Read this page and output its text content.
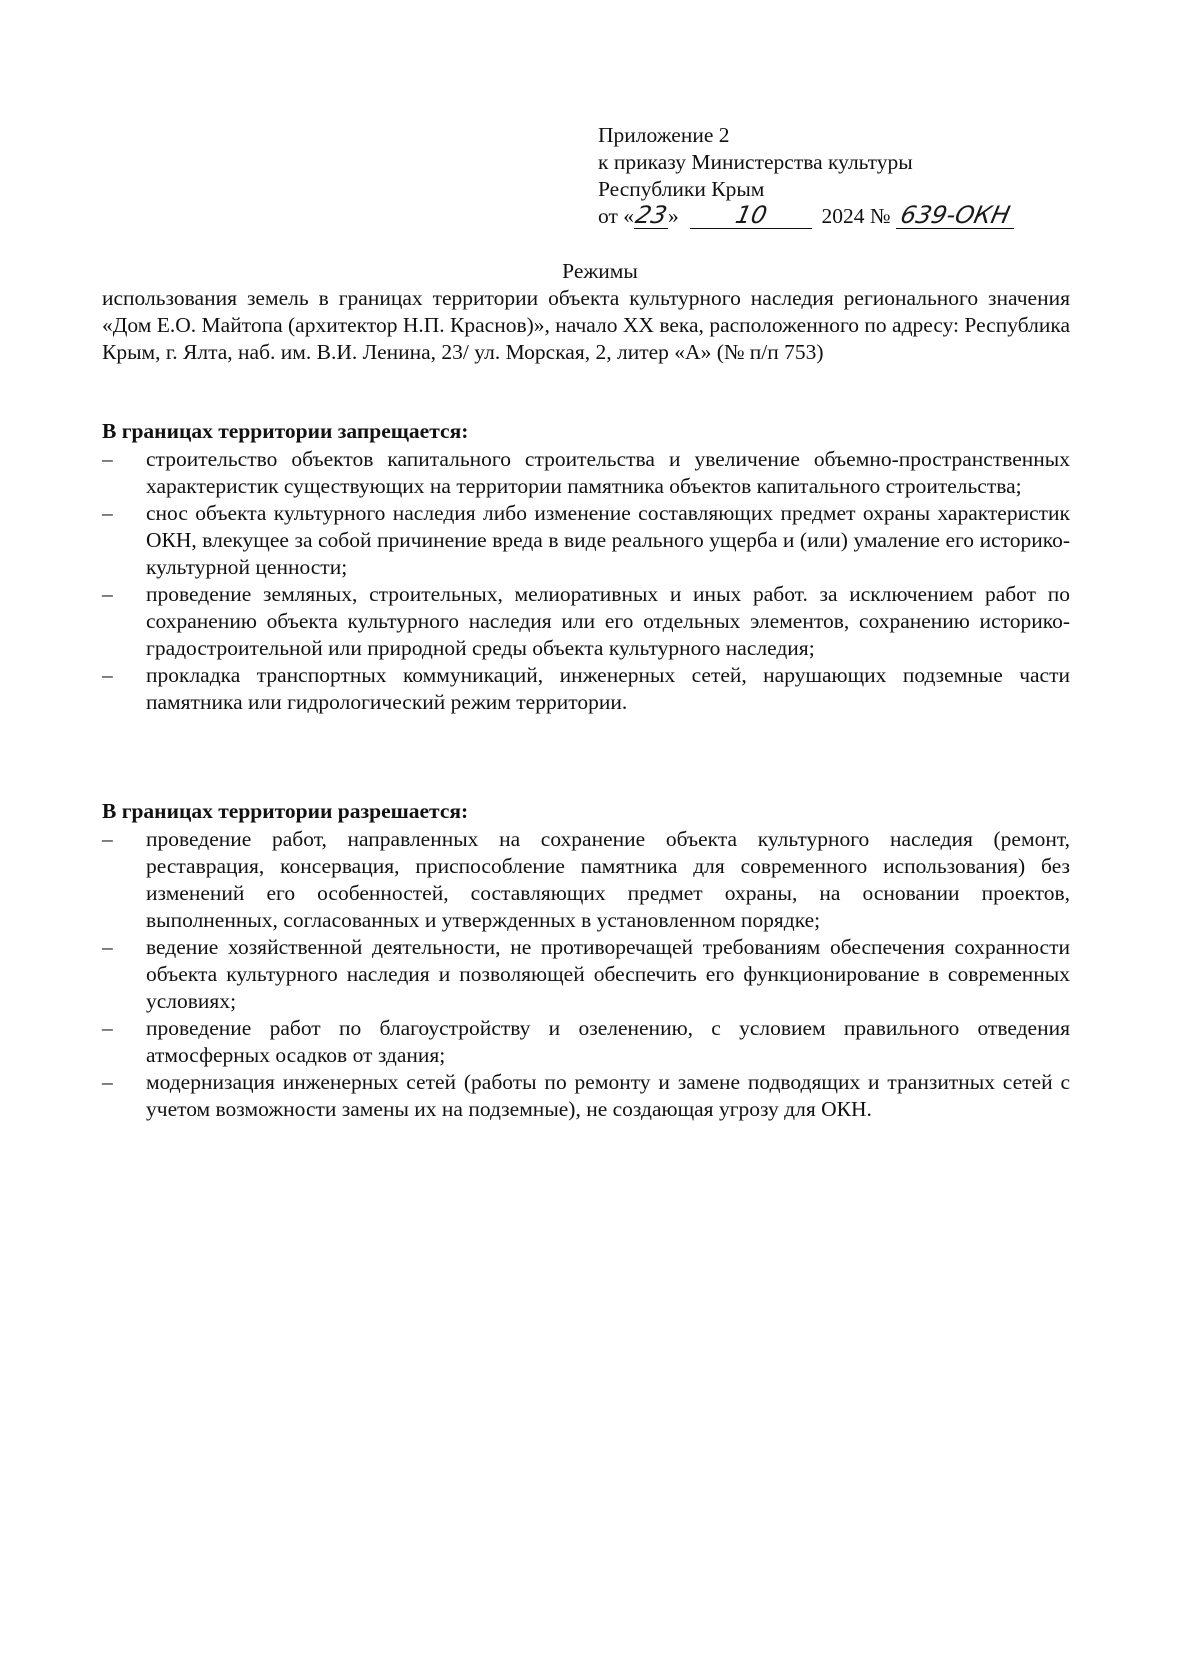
Приложение 2
к приказу Министерства культуры
Республики Крым
от «23» 10 2024 № 639-ОКН
Режимы
использования земель в границах территории объекта культурного наследия регионального значения «Дом Е.О. Майтопа (архитектор Н.П. Краснов)», начало XX века, расположенного по адресу: Республика Крым, г. Ялта, наб. им. В.И. Ленина, 23/ ул. Морская, 2, литер «А» (№ п/п 753)
В границах территории запрещается:
– строительство объектов капитального строительства и увеличение объемно-пространственных характеристик существующих на территории памятника объектов капитального строительства;
– снос объекта культурного наследия либо изменение составляющих предмет охраны характеристик ОКН, влекущее за собой причинение вреда в виде реального ущерба и (или) умаление его историко-культурной ценности;
– проведение земляных, строительных, мелиоративных и иных работ. за исключением работ по сохранению объекта культурного наследия или его отдельных элементов, сохранению историко-градостроительной или природной среды объекта культурного наследия;
– прокладка транспортных коммуникаций, инженерных сетей, нарушающих подземные части памятника или гидрологический режим территории.
В границах территории разрешается:
– проведение работ, направленных на сохранение объекта культурного наследия (ремонт, реставрация, консервация, приспособление памятника для современного использования) без изменений его особенностей, составляющих предмет охраны, на основании проектов, выполненных, согласованных и утвержденных в установленном порядке;
– ведение хозяйственной деятельности, не противоречащей требованиям обеспечения сохранности объекта культурного наследия и позволяющей обеспечить его функционирование в современных условиях;
– проведение работ по благоустройству и озеленению, с условием правильного отведения атмосферных осадков от здания;
– модернизация инженерных сетей (работы по ремонту и замене подводящих и транзитных сетей с учетом возможности замены их на подземные), не создающая угрозу для ОКН.
